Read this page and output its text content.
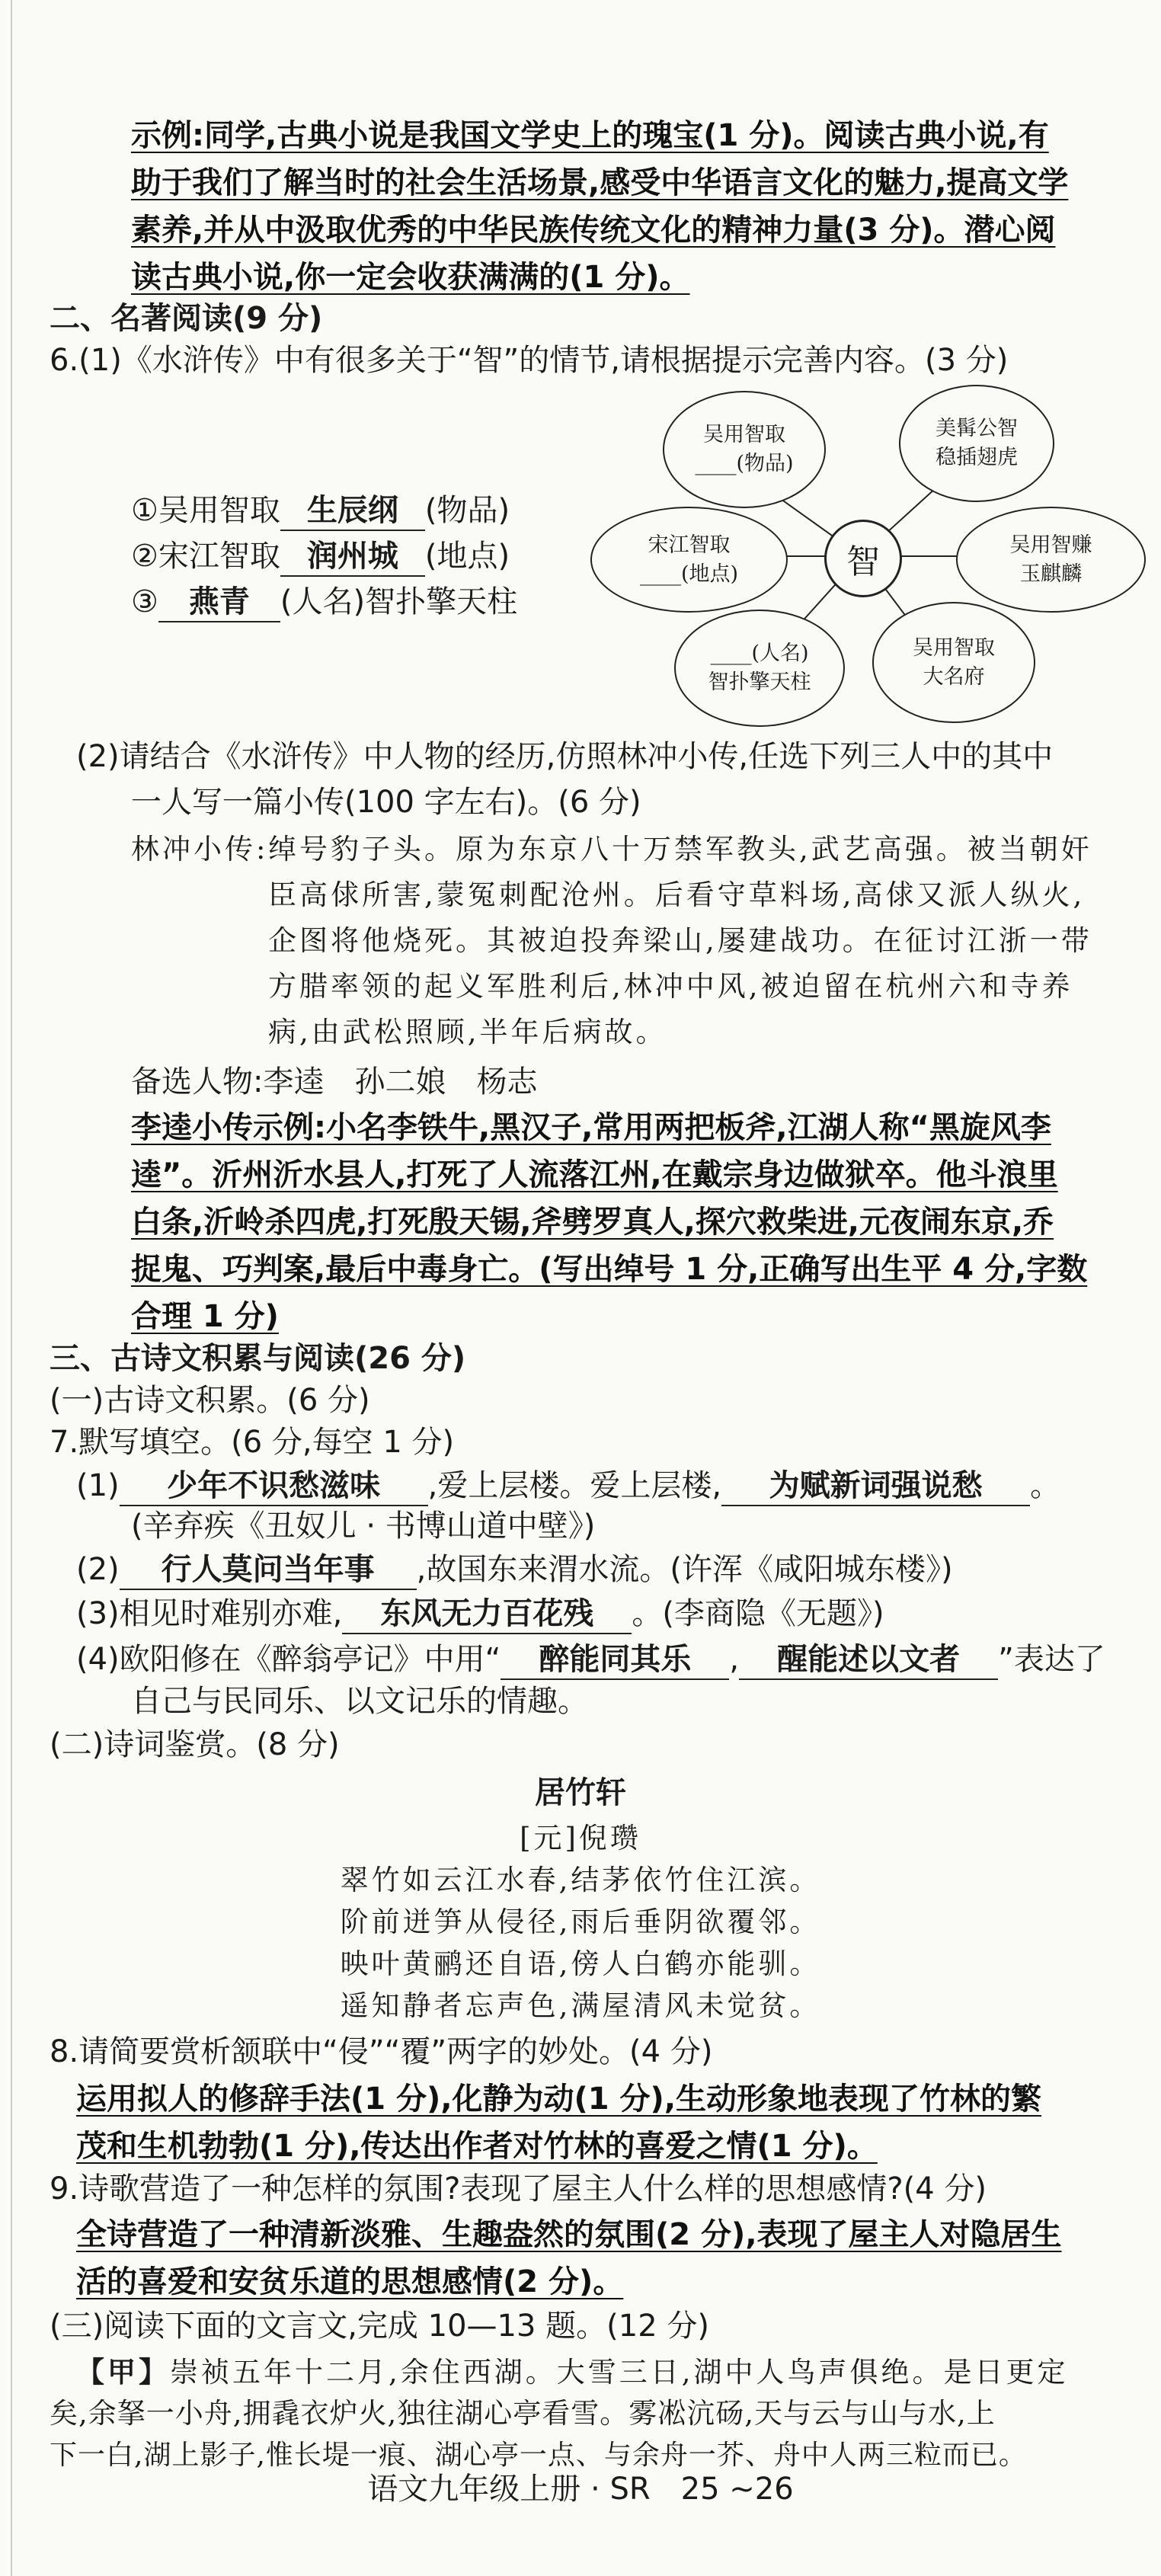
示例:同学,古典小说是我国文学史上的瑰宝(1 分)。阅读古典小说,有
助于我们了解当时的社会生活场景,感受中华语言文化的魅力,提高文学
素养,并从中汲取优秀的中华民族传统文化的精神力量(3 分)。潜心阅
读古典小说,你一定会收获满满的(1 分)。
二、名著阅读(9 分)
6.(1)《水浒传》中有很多关于“智”的情节,请根据提示完善内容。(3 分)
①吴用智取 生辰纲 (物品)
②宋江智取 润州城 (地点)
③ 燕青 (人名)智扑擎天柱
吴用智取
____(物品)
美髯公智
稳插翅虎
宋江智取
____(地点)
吴用智赚
玉麒麟
____(人名)
智扑擎天柱
吴用智取
大名府
智
(2)请结合《水浒传》中人物的经历,仿照林冲小传,任选下列三人中的其中
一人写一篇小传(100 字左右)。(6 分)
林冲小传: 绰号豹子头。原为东京八十万禁军教头,武艺高强。被当朝奸
臣高俅所害,蒙冤刺配沧州。后看守草料场,高俅又派人纵火,
企图将他烧死。其被迫投奔梁山,屡建战功。在征讨江浙一带
方腊率领的起义军胜利后,林冲中风,被迫留在杭州六和寺养
病,由武松照顾,半年后病故。
备选人物:李逵　孙二娘　杨志
李逵小传示例:小名李铁牛,黑汉子,常用两把板斧,江湖人称“黑旋风李
逵”。沂州沂水县人,打死了人流落江州,在戴宗身边做狱卒。他斗浪里
白条,沂岭杀四虎,打死殷天锡,斧劈罗真人,探穴救柴进,元夜闹东京,乔
捉鬼、巧判案,最后中毒身亡。(写出绰号 1 分,正确写出生平 4 分,字数
合理 1 分)
三、古诗文积累与阅读(26 分)
(一)古诗文积累。(6 分)
7.默写填空。(6 分,每空 1 分)
(1) 少年不识愁滋味 ,爱上层楼。爱上层楼, 为赋新词强说愁 。
(辛弃疾《丑奴儿 · 书博山道中壁》)
(2) 行人莫问当年事 ,故国东来渭水流。(许浑《咸阳城东楼》)
(3)相见时难别亦难, 东风无力百花残 。(李商隐《无题》)
(4)欧阳修在《醉翁亭记》中用“ 醉能同其乐 , 醒能述以文者 ”表达了
自己与民同乐、以文记乐的情趣。
(二)诗词鉴赏。(8 分)
居竹轩
[元]倪瓒
翠竹如云江水春,结茅依竹住江滨。
阶前迸笋从侵径,雨后垂阴欲覆邻。
映叶黄鹂还自语,傍人白鹤亦能驯。
遥知静者忘声色,满屋清风未觉贫。
8.请简要赏析颔联中“侵”“覆”两字的妙处。(4 分)
运用拟人的修辞手法(1 分),化静为动(1 分),生动形象地表现了竹林的繁
茂和生机勃勃(1 分),传达出作者对竹林的喜爱之情(1 分)。
9.诗歌营造了一种怎样的氛围?表现了屋主人什么样的思想感情?(4 分)
全诗营造了一种清新淡雅、生趣盎然的氛围(2 分),表现了屋主人对隐居生
活的喜爱和安贫乐道的思想感情(2 分)。
(三)阅读下面的文言文,完成 10—13 题。(12 分)
【甲】崇祯五年十二月,余住西湖。大雪三日,湖中人鸟声俱绝。是日更定
矣,余拏一小舟,拥毳衣炉火,独往湖心亭看雪。雾凇沆砀,天与云与山与水,上
下一白,湖上影子,惟长堤一痕、湖心亭一点、与余舟一芥、舟中人两三粒而已。
语文九年级上册 · SR　25 ~26
